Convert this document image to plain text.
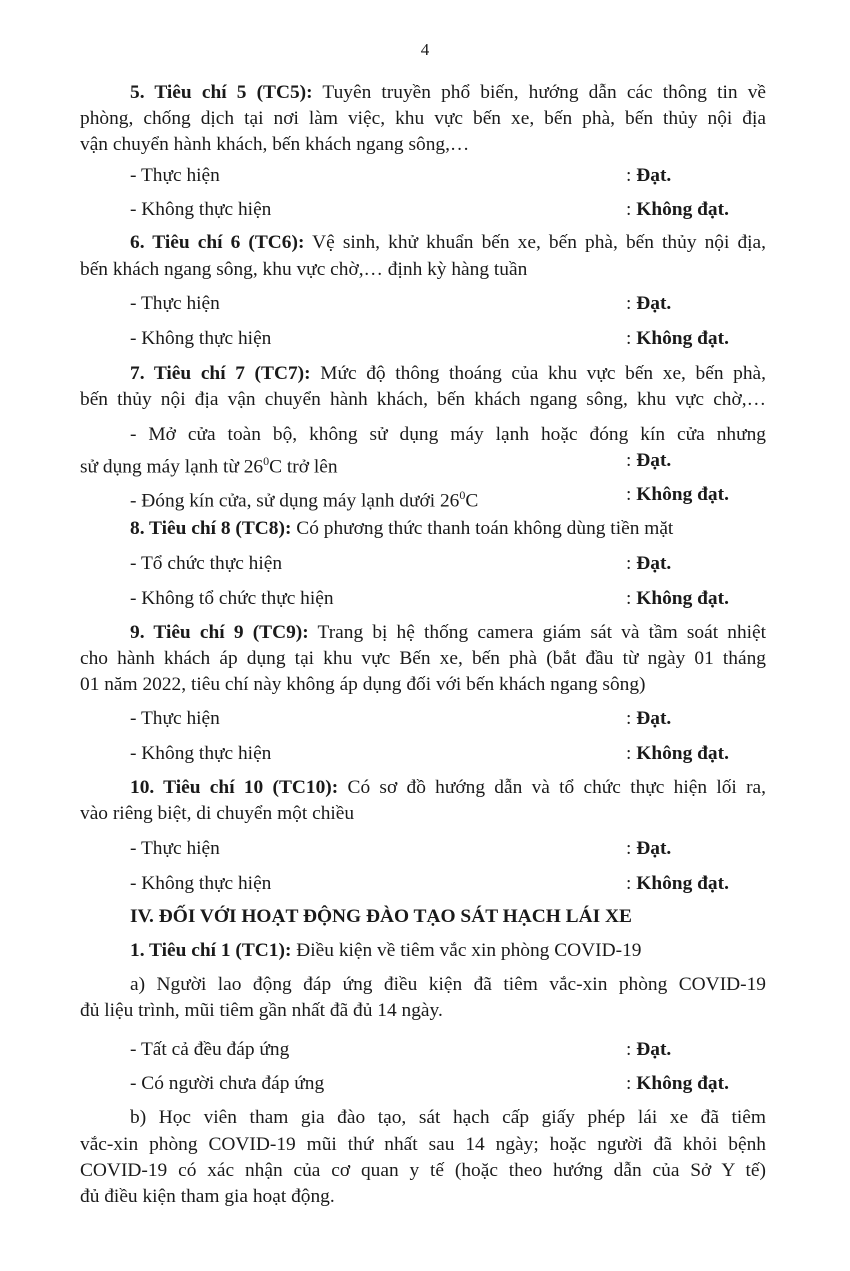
4
5. Tiêu chí 5 (TC5): Tuyên truyền phổ biến, hướng dẫn các thông tin về
phòng, chống dịch tại nơi làm việc, khu vực bến xe, bến phà, bến thủy nội địa
vận chuyển hành khách, bến khách ngang sông,…
- Thực hiện	: Đạt.
- Không thực hiện	: Không đạt.
6. Tiêu chí 6 (TC6): Vệ sinh, khử khuẩn bến xe, bến phà, bến thủy nội địa,
bến khách ngang sông, khu vực chờ,… định kỳ hàng tuần
- Thực hiện	: Đạt.
- Không thực hiện	: Không đạt.
7. Tiêu chí 7 (TC7): Mức độ thông thoáng của khu vực bến xe, bến phà,
bến thủy nội địa vận chuyển hành khách, bến khách ngang sông, khu vực chờ,…
- Mở cửa toàn bộ, không sử dụng máy lạnh hoặc đóng kín cửa nhưng
sử dụng máy lạnh từ $26^0C$ trở lên	: Đạt.
- Đóng kín cửa, sử dụng máy lạnh dưới $26^0C$	: Không đạt.
8. Tiêu chí 8 (TC8): Có phương thức thanh toán không dùng tiền mặt
- Tổ chức thực hiện	: Đạt.
- Không tổ chức thực hiện	: Không đạt.
9. Tiêu chí 9 (TC9): Trang bị hệ thống camera giám sát và tầm soát nhiệt
cho hành khách áp dụng tại khu vực Bến xe, bến phà (bắt đầu từ ngày 01 tháng
01 năm 2022, tiêu chí này không áp dụng đối với bến khách ngang sông)
- Thực hiện	: Đạt.
- Không thực hiện	: Không đạt.
10. Tiêu chí 10 (TC10): Có sơ đồ hướng dẫn và tổ chức thực hiện lối ra,
vào riêng biệt, di chuyển một chiều
- Thực hiện	: Đạt.
- Không thực hiện	: Không đạt.
IV. ĐỐI VỚI HOẠT ĐỘNG ĐÀO TẠO SÁT HẠCH LÁI XE
1. Tiêu chí 1 (TC1): Điều kiện về tiêm vắc xin phòng COVID-19
a) Người lao động đáp ứng điều kiện đã tiêm vắc-xin phòng COVID-19
đủ liệu trình, mũi tiêm gần nhất đã đủ 14 ngày.
- Tất cả đều đáp ứng	: Đạt.
- Có người chưa đáp ứng	: Không đạt.
b) Học viên tham gia đào tạo, sát hạch cấp giấy phép lái xe đã tiêm
vắc-xin phòng COVID-19 mũi thứ nhất sau 14 ngày; hoặc người đã khỏi bệnh
COVID-19 có xác nhận của cơ quan y tế (hoặc theo hướng dẫn của Sở Y tế)
đủ điều kiện tham gia hoạt động.
